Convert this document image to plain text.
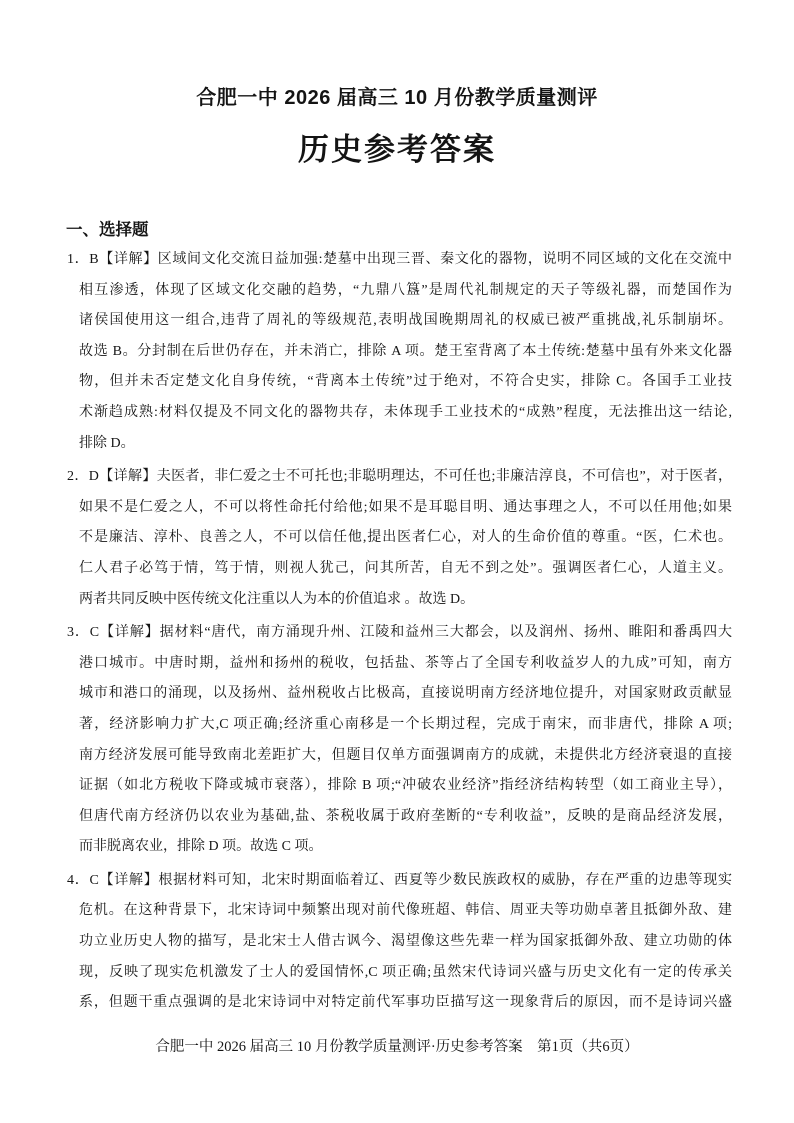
合肥一中 2026 届高三 10 月份教学质量测评
历史参考答案
一、选择题
1．B【详解】区域间文化交流日益加强:楚墓中出现三晋、秦文化的器物，说明不同区域的文化在交流中
相互渗透，体现了区域文化交融的趋势，“九鼎八簋”是周代礼制规定的天子等级礼器，而楚国作为
诸侯国使用这一组合,违背了周礼的等级规范,表明战国晚期周礼的权威已被严重挑战,礼乐制崩坏。
故选 B。分封制在后世仍存在，并未消亡，排除 A 项。楚王室背离了本土传统:楚墓中虽有外来文化器
物，但并未否定楚文化自身传统，“背离本土传统”过于绝对，不符合史实，排除 C。各国手工业技
术渐趋成熟:材料仅提及不同文化的器物共存，未体现手工业技术的“成熟”程度，无法推出这一结论,
排除 D。
2．D【详解】夫医者，非仁爱之士不可托也;非聪明理达，不可任也;非廉洁淳良，不可信也”，对于医者，
如果不是仁爱之人，不可以将性命托付给他;如果不是耳聪目明、通达事理之人，不可以任用他;如果
不是廉洁、淳朴、良善之人，不可以信任他,提出医者仁心，对人的生命价值的尊重。“医，仁术也。
仁人君子必笃于情，笃于情，则视人犹己，问其所苦，自无不到之处”。强调医者仁心，人道主义。
两者共同反映中医传统文化注重以人为本的价值追求 。故选 D。
3．C【详解】据材料“唐代，南方涌现升州、江陵和益州三大都会，以及润州、扬州、睢阳和番禹四大
港口城市。中唐时期，益州和扬州的税收，包括盐、茶等占了全国专利收益岁人的九成”可知，南方
城市和港口的涌现，以及扬州、益州税收占比极高，直接说明南方经济地位提升，对国家财政贡献显
著，经济影响力扩大,C 项正确;经济重心南移是一个长期过程，完成于南宋，而非唐代，排除 A 项;
南方经济发展可能导致南北差距扩大，但题目仅单方面强调南方的成就，未提供北方经济衰退的直接
证据（如北方税收下降或城市衰落），排除 B 项;“冲破农业经济”指经济结构转型（如工商业主导），
但唐代南方经济仍以农业为基础,盐、茶税收属于政府垄断的“专利收益”，反映的是商品经济发展，
而非脱离农业，排除 D 项。故选 C 项。
4．C【详解】根据材料可知，北宋时期面临着辽、西夏等少数民族政权的威胁，存在严重的边患等现实
危机。在这种背景下，北宋诗词中频繁出现对前代像班超、韩信、周亚夫等功勋卓著且抵御外敌、建
功立业历史人物的描写，是北宋士人借古讽今、渴望像这些先辈一样为国家抵御外敌、建立功勋的体
现，反映了现实危机激发了士人的爱国情怀,C 项正确;虽然宋代诗词兴盛与历史文化有一定的传承关
系，但题干重点强调的是北宋诗词中对特定前代军事功臣描写这一现象背后的原因，而不是诗词兴盛
合肥一中 2026 届高三 10 月份教学质量测评·历史参考答案　第1页（共6页）
